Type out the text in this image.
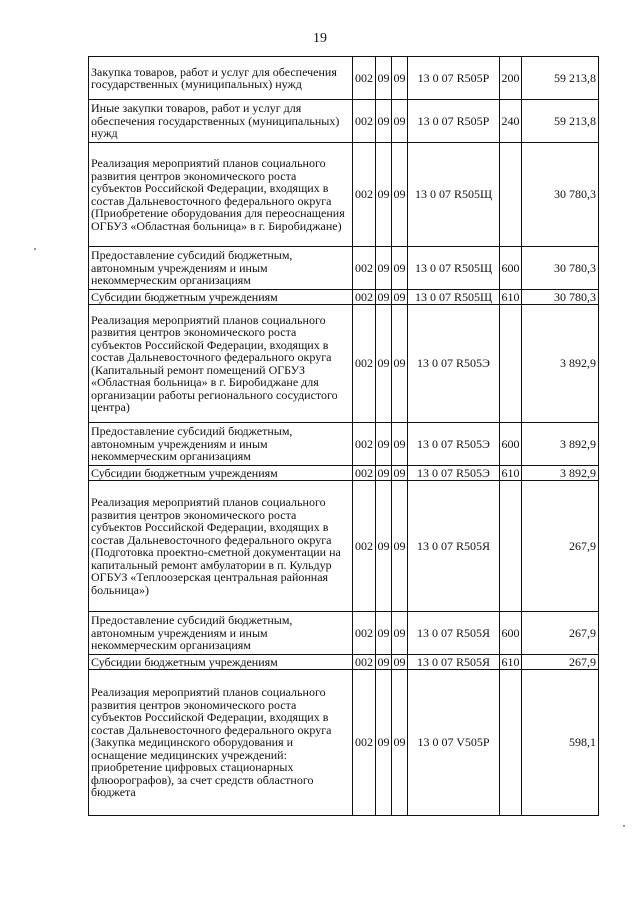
19
Закупка товаров, работ и услуг для обеспечения государственных (муниципальных) нужд	002	09	09	13 0 07 R505Р	200	59 213,8
Иные закупки товаров, работ и услуг для обеспечения государственных (муниципальных) нужд	002	09	09	13 0 07 R505Р	240	59 213,8
Реализация мероприятий планов социального развития центров экономического роста субъектов Российской Федерации, входящих в состав Дальневосточного федерального округа (Приобретение оборудования для переоснащения ОГБУЗ «Областная больница» в г. Биробиджане)	002	09	09	13 0 07 R505Щ		30 780,3
Предоставление субсидий бюджетным, автономным учреждениям и иным некоммерческим организациям	002	09	09	13 0 07 R505Щ	600	30 780,3
Субсидии бюджетным учреждениям	002	09	09	13 0 07 R505Щ	610	30 780,3
Реализация мероприятий планов социального развития центров экономического роста субъектов Российской Федерации, входящих в состав Дальневосточного федерального округа (Капитальный ремонт помещений ОГБУЗ «Областная больница» в г. Биробиджане для организации работы регионального сосудистого центра)	002	09	09	13 0 07 R505Э		3 892,9
Предоставление субсидий бюджетным, автономным учреждениям и иным некоммерческим организациям	002	09	09	13 0 07 R505Э	600	3 892,9
Субсидии бюджетным учреждениям	002	09	09	13 0 07 R505Э	610	3 892,9
Реализация мероприятий планов социального развития центров экономического роста субъектов Российской Федерации, входящих в состав Дальневосточного федерального округа (Подготовка проектно-сметной документации на капитальный ремонт амбулатории в п. Кульдур ОГБУЗ «Теплоозерская центральная районная больница»)	002	09	09	13 0 07 R505Я		267,9
Предоставление субсидий бюджетным, автономным учреждениям и иным некоммерческим организациям	002	09	09	13 0 07 R505Я	600	267,9
Субсидии бюджетным учреждениям	002	09	09	13 0 07 R505Я	610	267,9
Реализация мероприятий планов социального развития центров экономического роста субъектов Российской Федерации, входящих в состав Дальневосточного федерального округа (Закупка медицинского оборудования и оснащение медицинских учреждений: приобретение цифровых стационарных флюорографов), за счет средств областного бюджета	002	09	09	13 0 07 V505Р		598,1
